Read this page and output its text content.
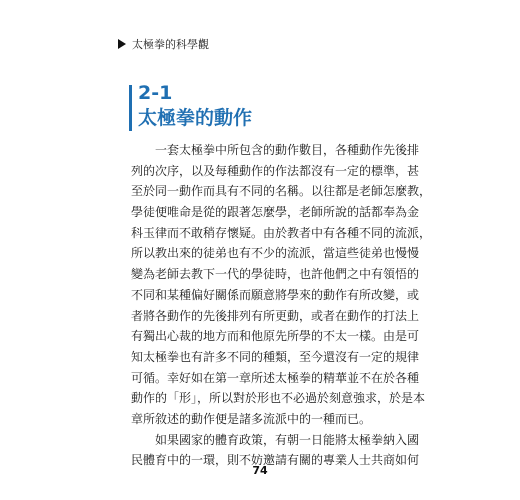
太極拳的科學觀
2-1
太極拳的動作
一套太極拳中所包含的動作數目，各種動作先後排
列的次序，以及每種動作的作法都沒有一定的標準，甚
至於同一動作而具有不同的名稱。以往都是老師怎麼教，
學徒便唯命是從的跟著怎麼學，老師所說的話都奉為金
科玉律而不敢稍存懷疑。由於教者中有各種不同的流派，
所以教出來的徒弟也有不少的流派，當這些徒弟也慢慢
變為老師去教下一代的學徒時，也許他們之中有領悟的
不同和某種偏好關係而願意將學來的動作有所改變，或
者將各動作的先後排列有所更動，或者在動作的打法上
有獨出心裁的地方而和他原先所學的不太一樣。由是可
知太極拳也有許多不同的種類，至今還沒有一定的規律
可循。幸好如在第一章所述太極拳的精華並不在於各種
動作的「形」，所以對於形也不必過於刻意強求，於是本
章所敘述的動作便是諸多流派中的一種而已。
如果國家的體育政策，有朝一日能將太極拳納入國
民體育中的一環，則不妨邀請有關的專業人士共商如何
74
